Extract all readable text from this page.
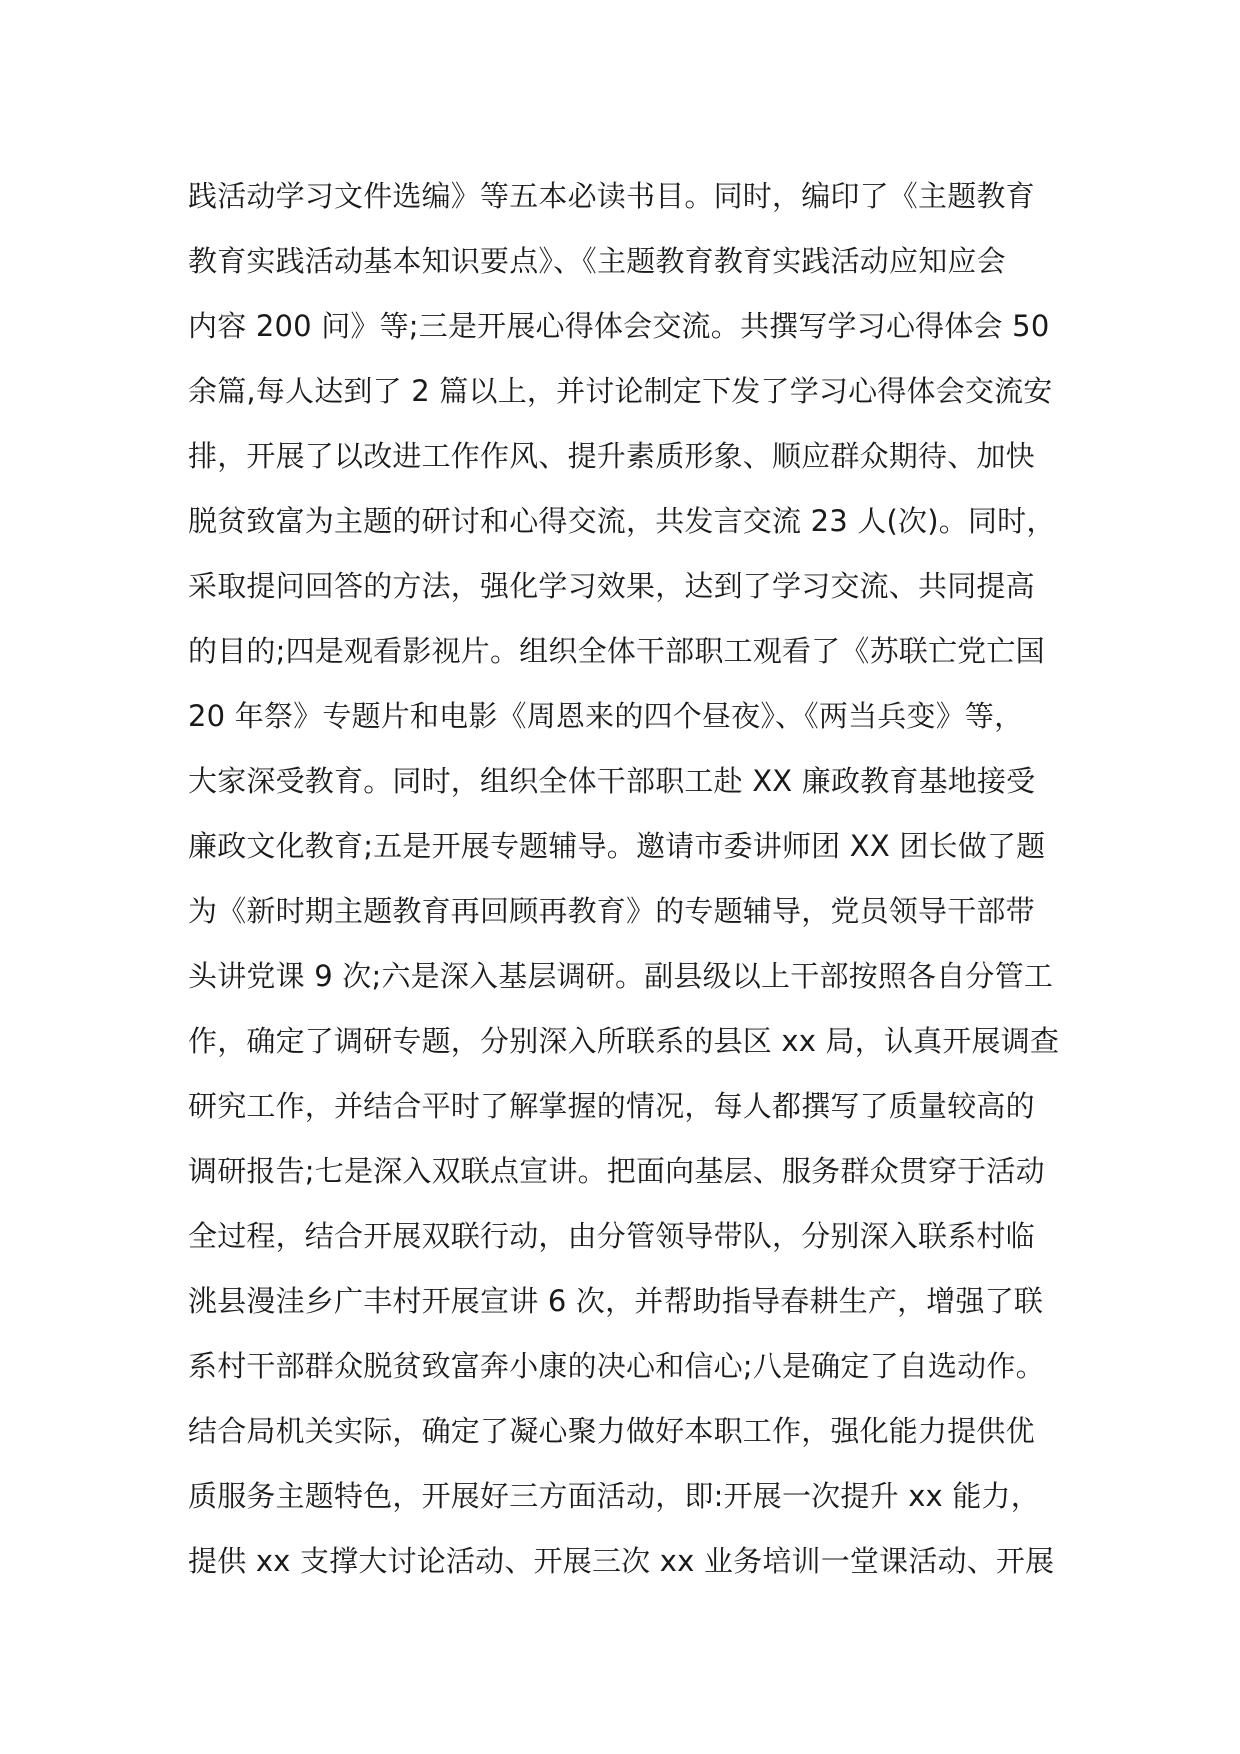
践活动学习文件选编》等五本必读书目。同时，编印了《主题教育
教育实践活动基本知识要点》、《主题教育教育实践活动应知应会
内容 200 问》等;三是开展心得体会交流。共撰写学习心得体会 50
余篇,每人达到了 2 篇以上，并讨论制定下发了学习心得体会交流安
排，开展了以改进工作作风、提升素质形象、顺应群众期待、加快
脱贫致富为主题的研讨和心得交流，共发言交流 23 人(次)。同时，
采取提问回答的方法，强化学习效果，达到了学习交流、共同提高
的目的;四是观看影视片。组织全体干部职工观看了《苏联亡党亡国
20 年祭》专题片和电影《周恩来的四个昼夜》、《两当兵变》等，
大家深受教育。同时，组织全体干部职工赴 XX 廉政教育基地接受
廉政文化教育;五是开展专题辅导。邀请市委讲师团 XX 团长做了题
为《新时期主题教育再回顾再教育》的专题辅导，党员领导干部带
头讲党课 9 次;六是深入基层调研。副县级以上干部按照各自分管工
作，确定了调研专题，分别深入所联系的县区 xx 局，认真开展调查
研究工作，并结合平时了解掌握的情况，每人都撰写了质量较高的
调研报告;七是深入双联点宣讲。把面向基层、服务群众贯穿于活动
全过程，结合开展双联行动，由分管领导带队，分别深入联系村临
洮县漫洼乡广丰村开展宣讲 6 次，并帮助指导春耕生产，增强了联
系村干部群众脱贫致富奔小康的决心和信心;八是确定了自选动作。
结合局机关实际，确定了凝心聚力做好本职工作，强化能力提供优
质服务主题特色，开展好三方面活动，即:开展一次提升 xx 能力，
提供 xx 支撑大讨论活动、开展三次 xx 业务培训一堂课活动、开展
